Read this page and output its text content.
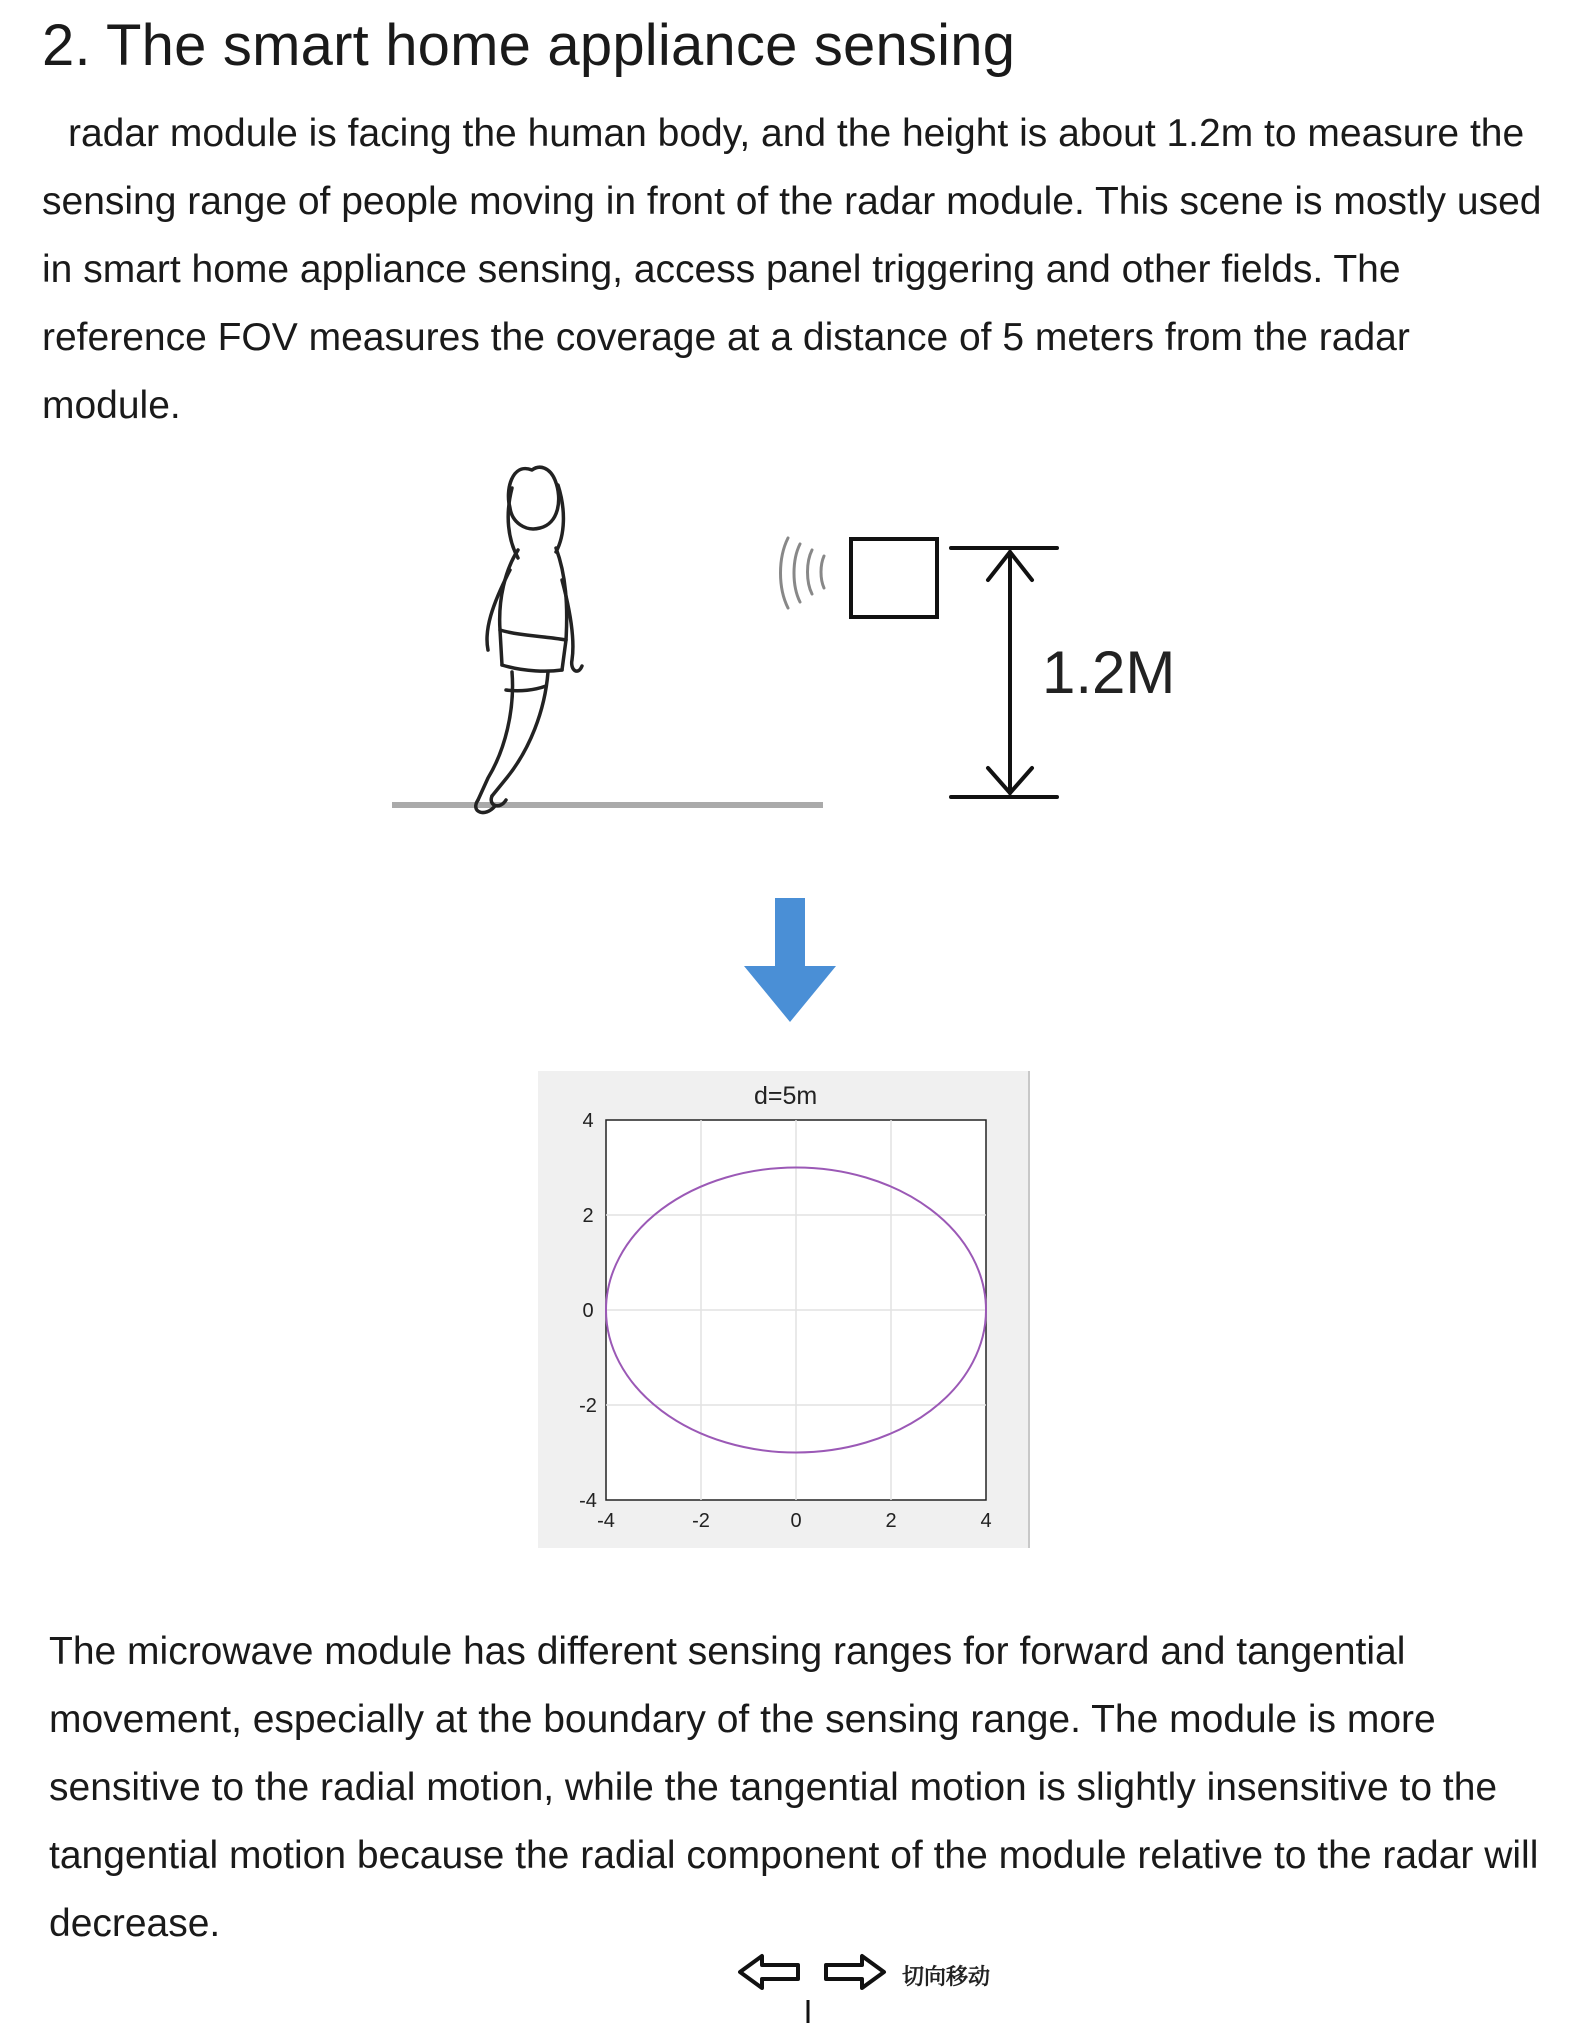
2. The smart home appliance sensing

radar module is facing the human body, and the height is about 1.2m to measure the sensing range of people moving in front of the radar module. This scene is mostly used in smart home appliance sensing, access panel triggering and other fields. The reference FOV measures the coverage at a distance of 5 meters from the radar module.

1.2M
-4	-2	0	2	4
4
2
0
-2
-4
d=5m

The microwave module has different sensing ranges for forward and tangential movement, especially at the boundary of the sensing range. The module is more sensitive to the radial motion, while the tangential motion is slightly insensitive to the tangential motion because the radial component of the module relative to the radar will decrease.

切向移动
